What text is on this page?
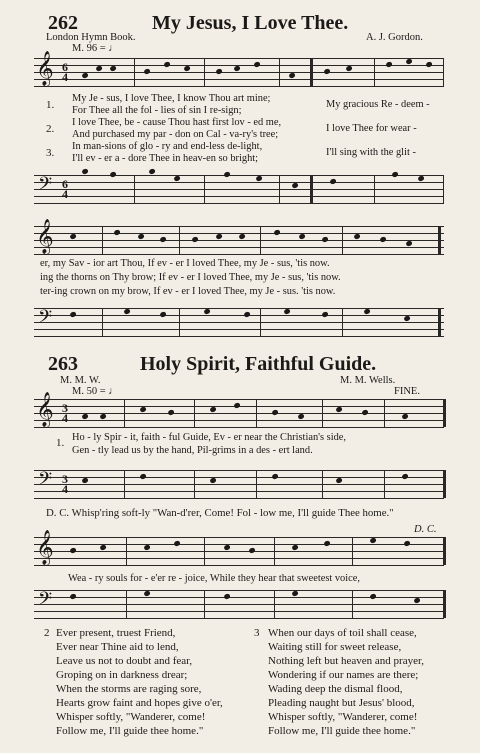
262	My Jesus, I Love Thee.
London Hymn Book.	A. J. Gordon.
M. 96 = ♩
𝄞 6
4
1.
My Je - sus, I love Thee, I know Thou art mine;
For Thee all the fol - lies of sin I re-sign;
My gracious Re - deem -
2.
I love Thee, be - cause Thou hast first lov - ed me,
And purchased my par - don on Cal - va-ry's tree;
I love Thee for wear -
3.
In man-sions of glo - ry and end-less de-light,
I'll ev - er a - dore Thee in heav-en so bright;
I'll sing with the glit -
𝄢 6
4
𝄞
er, my Sav - ior art Thou, If ev - er I loved Thee, my Je - sus, 'tis now.
ing the thorns on Thy brow; If ev - er I loved Thee, my Je - sus, 'tis now.
ter-ing crown on my brow, If ev - er I loved Thee, my Je - sus. 'tis now.
𝄢
263	Holy Spirit, Faithful Guide.
M. M. W.	M. M. Wells.
M. 50 = ♩	FINE.
𝄞 3
4
1. Ho - ly Spir - it, faith - ful Guide, Ev - er near the Christian's side,
Gen - tly lead us by the hand, Pil-grims in a des - ert land.
𝄢 3
4
D. C. Whisp'ring soft-ly "Wan-d'rer, Come! Fol - low me, I'll guide Thee home."
D. C.
𝄞
Wea - ry souls for - e'er re - joice, While they hear that sweetest voice,
𝄢
2 Ever present, truest Friend,
Ever near Thine aid to lend,
Leave us not to doubt and fear,
Groping on in darkness drear;
When the storms are raging sore,
Hearts grow faint and hopes give o'er,
Whisper softly, "Wanderer, come!
Follow me, I'll guide thee home."
3 When our days of toil shall cease,
Waiting still for sweet release,
Nothing left but heaven and prayer,
Wondering if our names are there;
Wading deep the dismal flood,
Pleading naught but Jesus' blood,
Whisper softly, "Wanderer, come!
Follow me, I'll guide thee home."
